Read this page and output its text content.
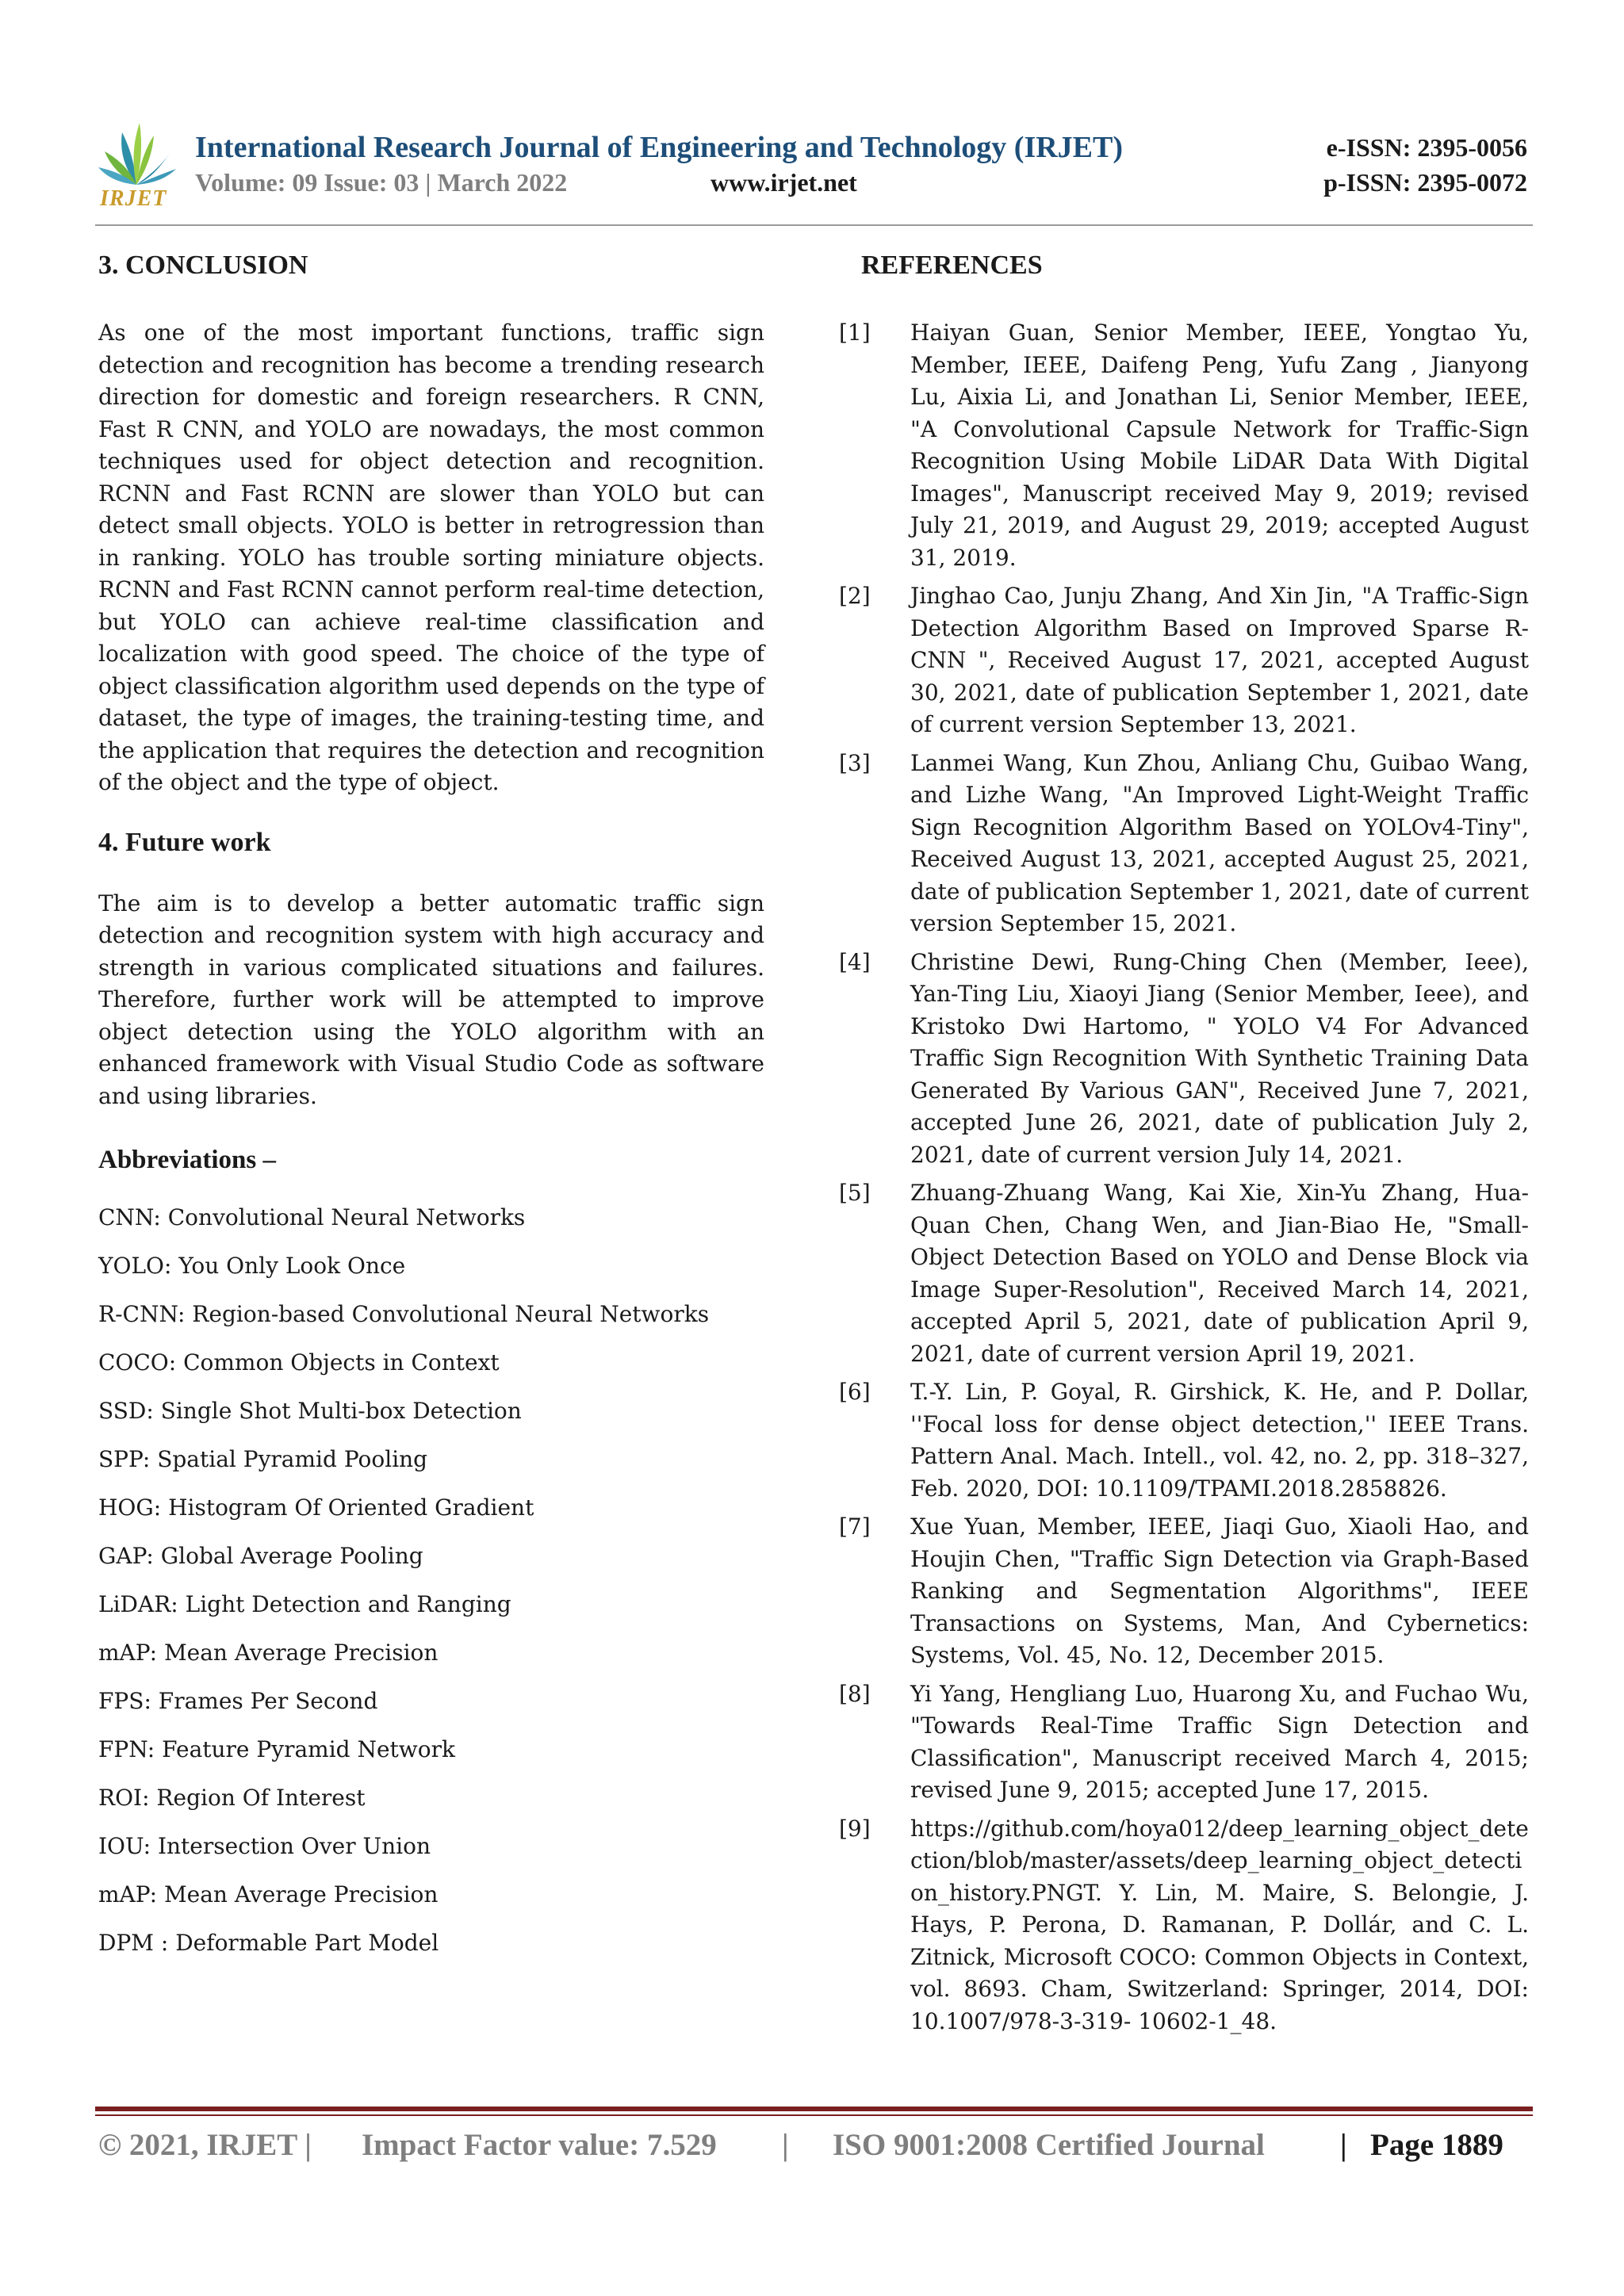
IRJET
International Research Journal of Engineering and Technology (IRJET)
Volume: 09 Issue: 03 | March 2022	www.irjet.net
e-ISSN: 2395-0056
p-ISSN: 2395-0072
3. CONCLUSION

As one of the most important functions, traffic sign detection and recognition has become a trending research direction for domestic and foreign researchers. R CNN, Fast R CNN, and YOLO are nowadays, the most common techniques used for object detection and recognition. RCNN and Fast RCNN are slower than YOLO but can detect small objects. YOLO is better in retrogression than in ranking. YOLO has trouble sorting miniature objects. RCNN and Fast RCNN cannot perform real-time detection, but YOLO can achieve real-time classification and localization with good speed. The choice of the type of object classification algorithm used depends on the type of dataset, the type of images, the training-testing time, and the application that requires the detection and recognition of the object and the type of object.

4. Future work

The aim is to develop a better automatic traffic sign detection and recognition system with high accuracy and strength in various complicated situations and failures. Therefore, further work will be attempted to improve object detection using the YOLO algorithm with an enhanced framework with Visual Studio Code as software and using libraries.

Abbreviations –
CNN: Convolutional Neural Networks
YOLO: You Only Look Once
R-CNN: Region-based Convolutional Neural Networks
COCO: Common Objects in Context
SSD: Single Shot Multi-box Detection
SPP: Spatial Pyramid Pooling
HOG: Histogram Of Oriented Gradient
GAP: Global Average Pooling
LiDAR: Light Detection and Ranging
mAP: Mean Average Precision
FPS: Frames Per Second
FPN: Feature Pyramid Network
ROI: Region Of Interest
IOU: Intersection Over Union
mAP: Mean Average Precision
DPM : Deformable Part Model
REFERENCES
[1]	Haiyan Guan, Senior Member, IEEE, Yongtao Yu, Member, IEEE, Daifeng Peng, Yufu Zang , Jianyong Lu, Aixia Li, and Jonathan Li, Senior Member, IEEE, "A Convolutional Capsule Network for Traffic-Sign Recognition Using Mobile LiDAR Data With Digital Images", Manuscript received May 9, 2019; revised July 21, 2019, and August 29, 2019; accepted August 31, 2019.
[2]	Jinghao Cao, Junju Zhang, And Xin Jin, "A Traffic-Sign Detection Algorithm Based on Improved Sparse R-CNN ", Received August 17, 2021, accepted August 30, 2021, date of publication September 1, 2021, date of current version September 13, 2021.
[3]	Lanmei Wang, Kun Zhou, Anliang Chu, Guibao Wang, and Lizhe Wang, "An Improved Light-Weight Traffic Sign Recognition Algorithm Based on YOLOv4-Tiny", Received August 13, 2021, accepted August 25, 2021, date of publication September 1, 2021, date of current version September 15, 2021.
[4]	Christine Dewi, Rung-Ching Chen (Member, Ieee), Yan-Ting Liu, Xiaoyi Jiang (Senior Member, Ieee), and Kristoko Dwi Hartomo, " YOLO V4 For Advanced Traffic Sign Recognition With Synthetic Training Data Generated By Various GAN", Received June 7, 2021, accepted June 26, 2021, date of publication July 2, 2021, date of current version July 14, 2021.
[5]	Zhuang-Zhuang Wang, Kai Xie, Xin-Yu Zhang, Hua-Quan Chen, Chang Wen, and Jian-Biao He, "Small-Object Detection Based on YOLO and Dense Block via Image Super-Resolution", Received March 14, 2021, accepted April 5, 2021, date of publication April 9, 2021, date of current version April 19, 2021.
[6]	T.-Y. Lin, P. Goyal, R. Girshick, K. He, and P. Dollar, ''Focal loss for dense object detection,'' IEEE Trans. Pattern Anal. Mach. Intell., vol. 42, no. 2, pp. 318–327, Feb. 2020, DOI: 10.1109/TPAMI.2018.2858826.
[7]	Xue Yuan, Member, IEEE, Jiaqi Guo, Xiaoli Hao, and Houjin Chen, "Traffic Sign Detection via Graph-Based Ranking and Segmentation Algorithms", IEEE Transactions on Systems, Man, And Cybernetics: Systems, Vol. 45, No. 12, December 2015.
[8]	Yi Yang, Hengliang Luo, Huarong Xu, and Fuchao Wu, "Towards Real-Time Traffic Sign Detection and Classification", Manuscript received March 4, 2015; revised June 9, 2015; accepted June 17, 2015.
[9]	https://github.com/hoya012/deep_learning_object_detection/blob/master/assets/deep_learning_object_detection_history.PNGT. Y. Lin, M. Maire, S. Belongie, J. Hays, P. Perona, D. Ramanan, P. Dollár, and C. L. Zitnick, Microsoft COCO: Common Objects in Context, vol. 8693. Cham, Switzerland: Springer, 2014, DOI: 10.1007/978-3-319- 10602-1_48.
© 2021, IRJET | Impact Factor value: 7.529 | ISO 9001:2008 Certified Journal | Page 1889
